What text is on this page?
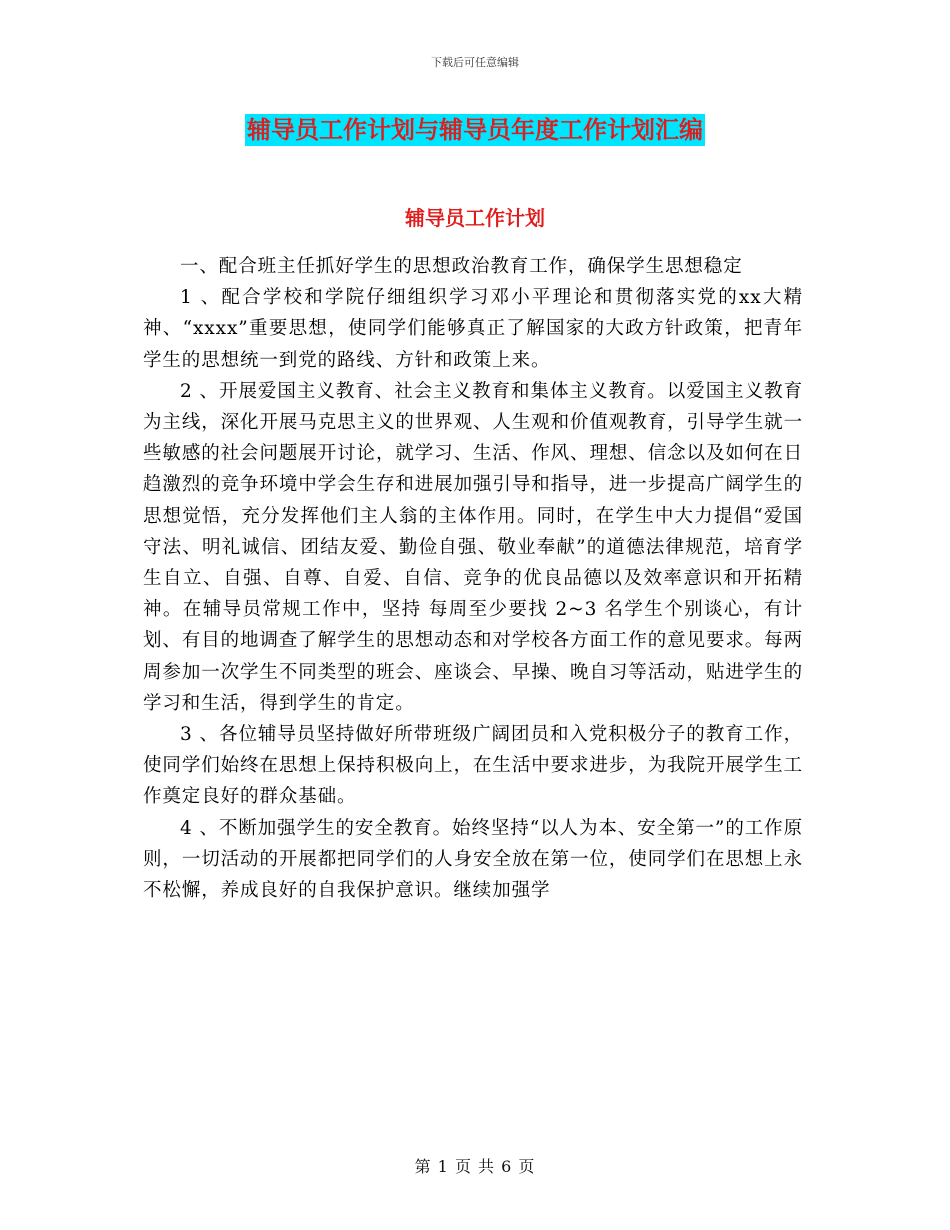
下载后可任意编辑
辅导员工作计划与辅导员年度工作计划汇编
辅导员工作计划

一、配合班主任抓好学生的思想政治教育工作，确保学生思想稳定

1 、配合学校和学院仔细组织学习邓小平理论和贯彻落实党的xx大精神、“xxxx”重要思想，使同学们能够真正了解国家的大政方针政策，把青年学生的思想统一到党的路线、方针和政策上来。

2 、开展爱国主义教育、社会主义教育和集体主义教育。以爱国主义教育为主线，深化开展马克思主义的世界观、人生观和价值观教育，引导学生就一些敏感的社会问题展开讨论，就学习、生活、作风、理想、信念以及如何在日趋激烈的竞争环境中学会生存和进展加强引导和指导，进一步提高广阔学生的思想觉悟，充分发挥他们主人翁的主体作用。同时，在学生中大力提倡“爱国守法、明礼诚信、团结友爱、勤俭自强、敬业奉献”的道德法律规范，培育学生自立、自强、自尊、自爱、自信、竞争的优良品德以及效率意识和开拓精神。在辅导员常规工作中，坚持 每周至少要找 2~3 名学生个别谈心，有计划、有目的地调查了解学生的思想动态和对学校各方面工作的意见要求。每两周参加一次学生不同类型的班会、座谈会、早操、晚自习等活动，贴进学生的学习和生活，得到学生的肯定。

3 、各位辅导员坚持做好所带班级广阔团员和入党积极分子的教育工作，使同学们始终在思想上保持积极向上，在生活中要求进步，为我院开展学生工作奠定良好的群众基础。

4 、不断加强学生的安全教育。始终坚持“以人为本、安全第一”的工作原则，一切活动的开展都把同学们的人身安全放在第一位，使同学们在思想上永不松懈，养成良好的自我保护意识。继续加强学

第 1 页 共 6 页
